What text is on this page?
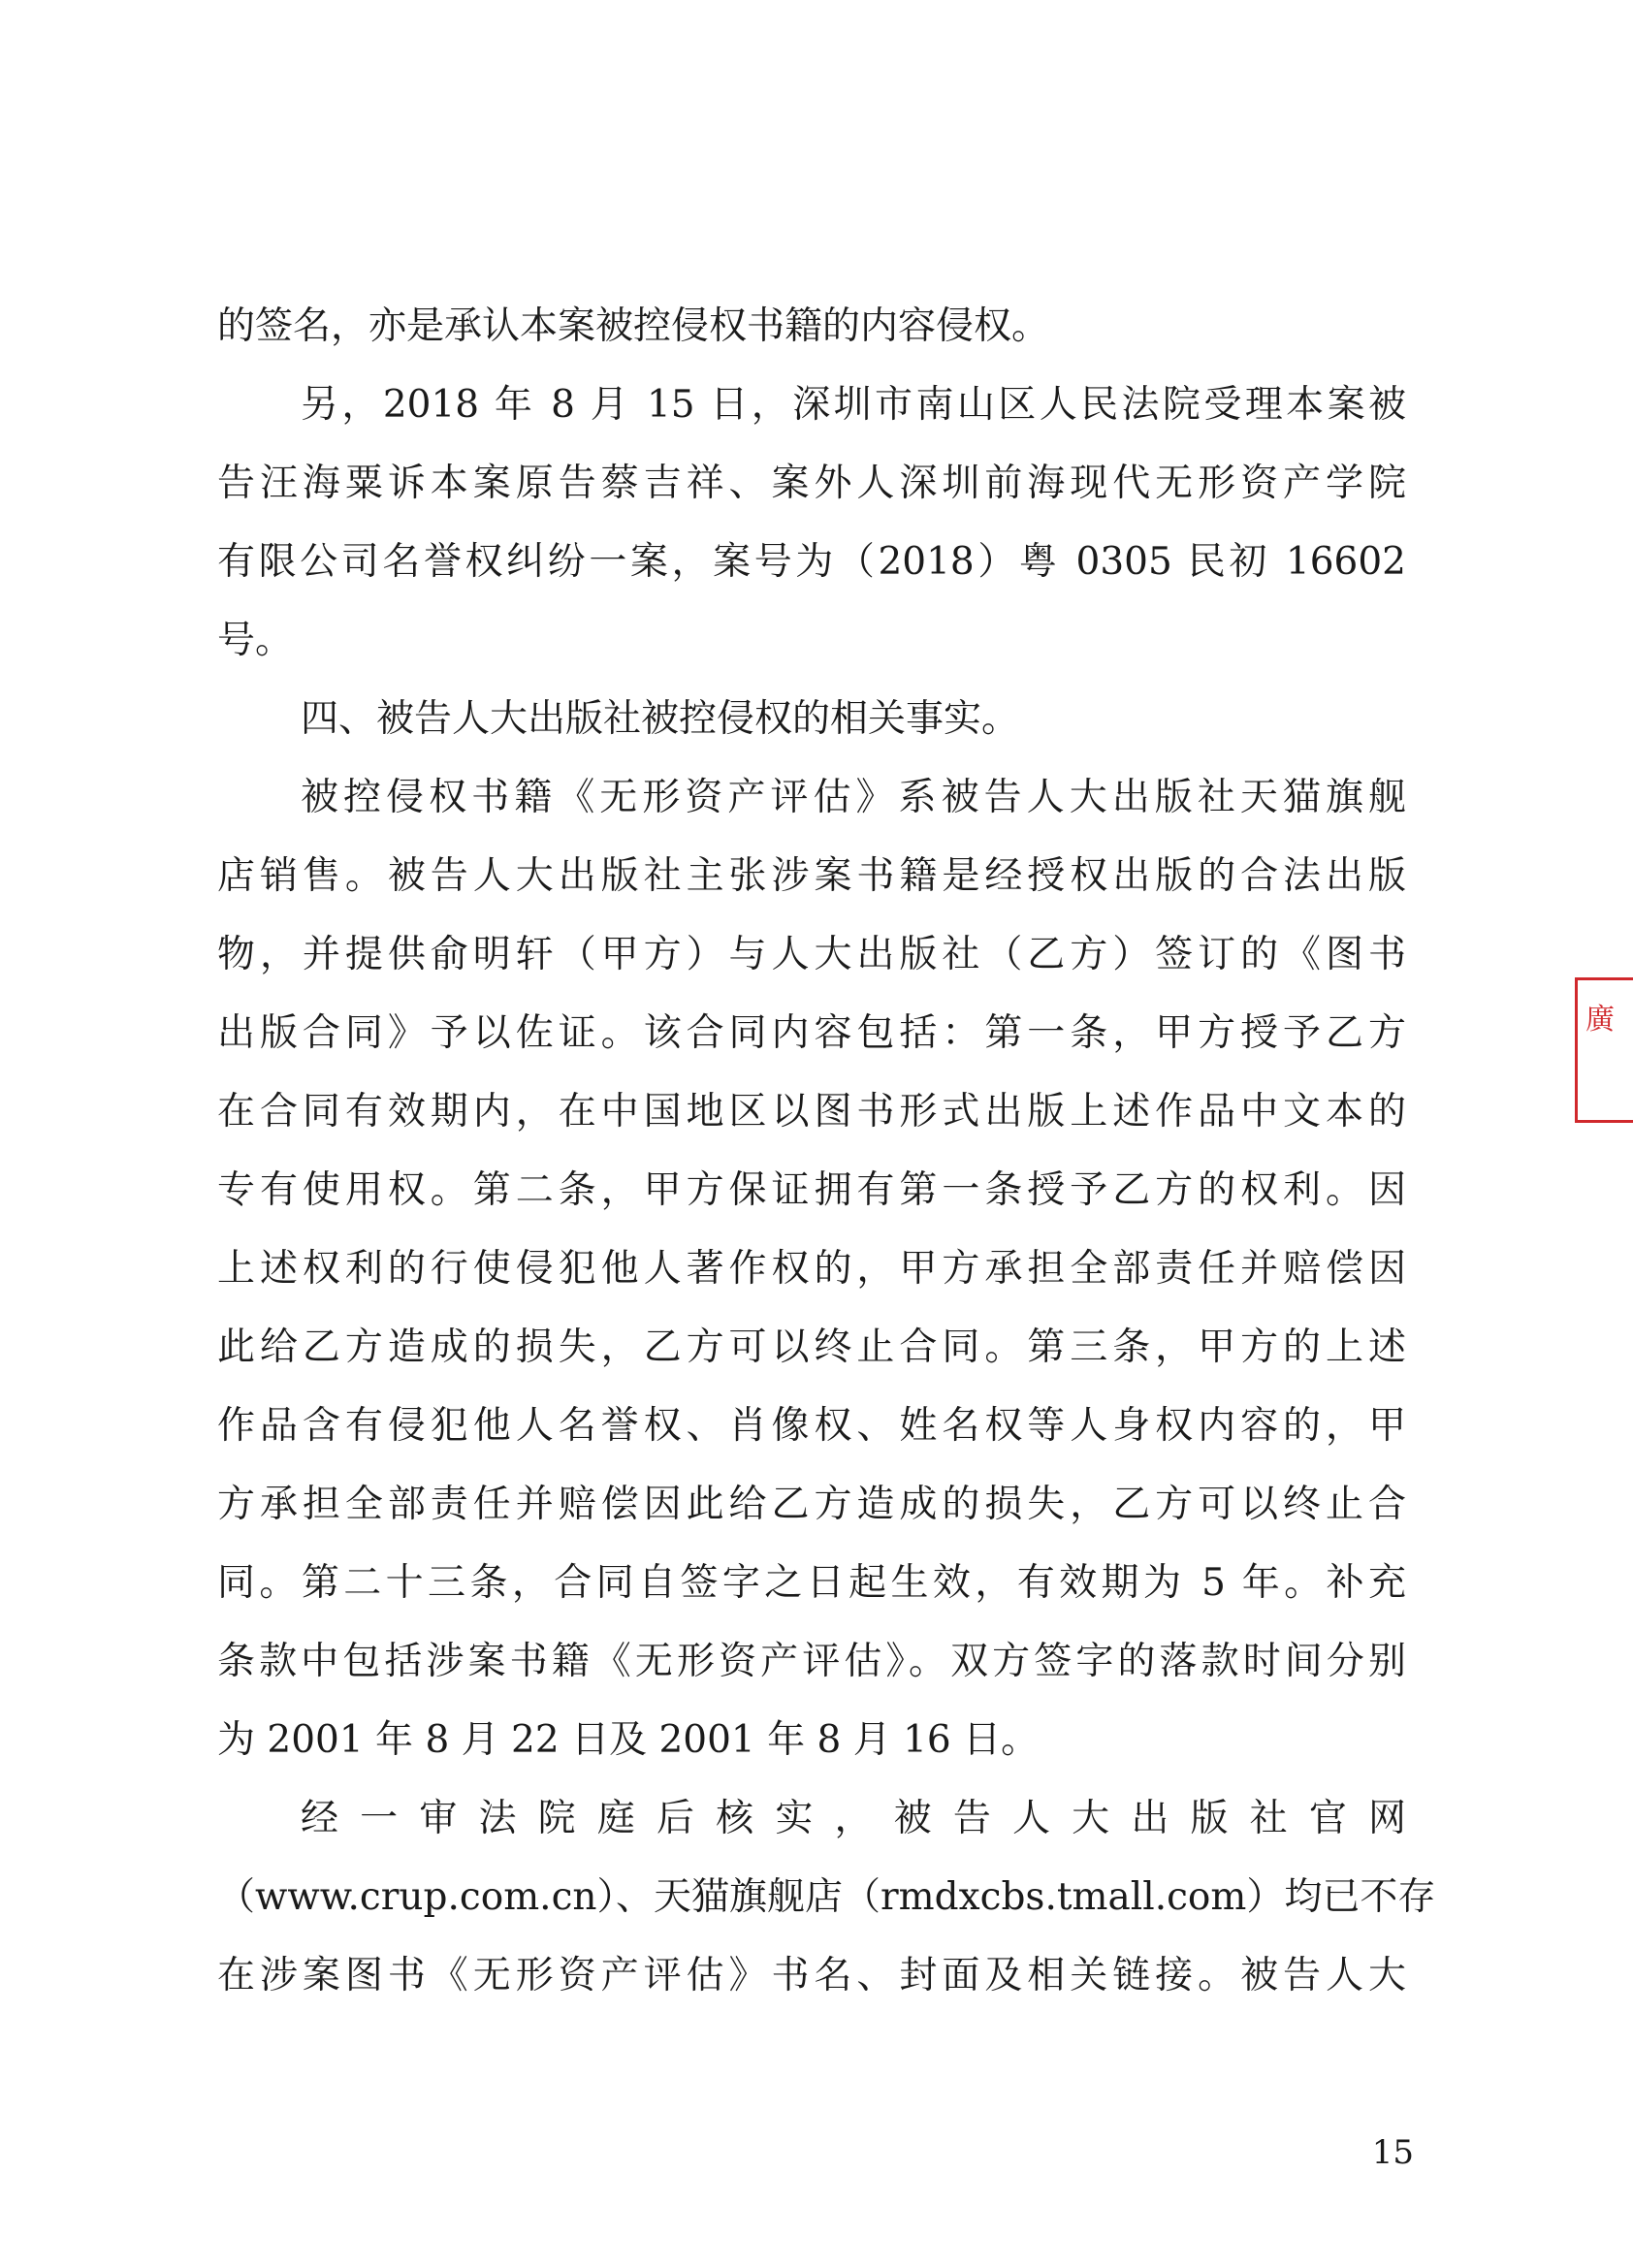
的签名，亦是承认本案被控侵权书籍的内容侵权。
另，2018 年 8 月 15 日，深圳市南山区人民法院受理本案被
告汪海粟诉本案原告蔡吉祥、案外人深圳前海现代无形资产学院
有限公司名誉权纠纷一案，案号为（2018）粤 0305 民初 16602
号。
四、被告人大出版社被控侵权的相关事实。
被控侵权书籍《无形资产评估》系被告人大出版社天猫旗舰
店销售。被告人大出版社主张涉案书籍是经授权出版的合法出版
物，并提供俞明轩（甲方）与人大出版社（乙方）签订的《图书
出版合同》予以佐证。该合同内容包括：第一条，甲方授予乙方
在合同有效期内，在中国地区以图书形式出版上述作品中文本的
专有使用权。第二条，甲方保证拥有第一条授予乙方的权利。因
上述权利的行使侵犯他人著作权的，甲方承担全部责任并赔偿因
此给乙方造成的损失，乙方可以终止合同。第三条，甲方的上述
作品含有侵犯他人名誉权、肖像权、姓名权等人身权内容的，甲
方承担全部责任并赔偿因此给乙方造成的损失，乙方可以终止合
同。第二十三条，合同自签字之日起生效，有效期为 5 年。补充
条款中包括涉案书籍《无形资产评估》。双方签字的落款时间分别
为 2001 年 8 月 22 日及 2001 年 8 月 16 日。
经 一 审 法 院 庭 后 核 实 ， 被 告 人 大 出 版 社 官 网
（www.crup.com.cn）、天猫旗舰店（rmdxcbs.tmall.com）均已不存
在涉案图书《无形资产评估》书名、封面及相关链接。被告人大
15
廣
